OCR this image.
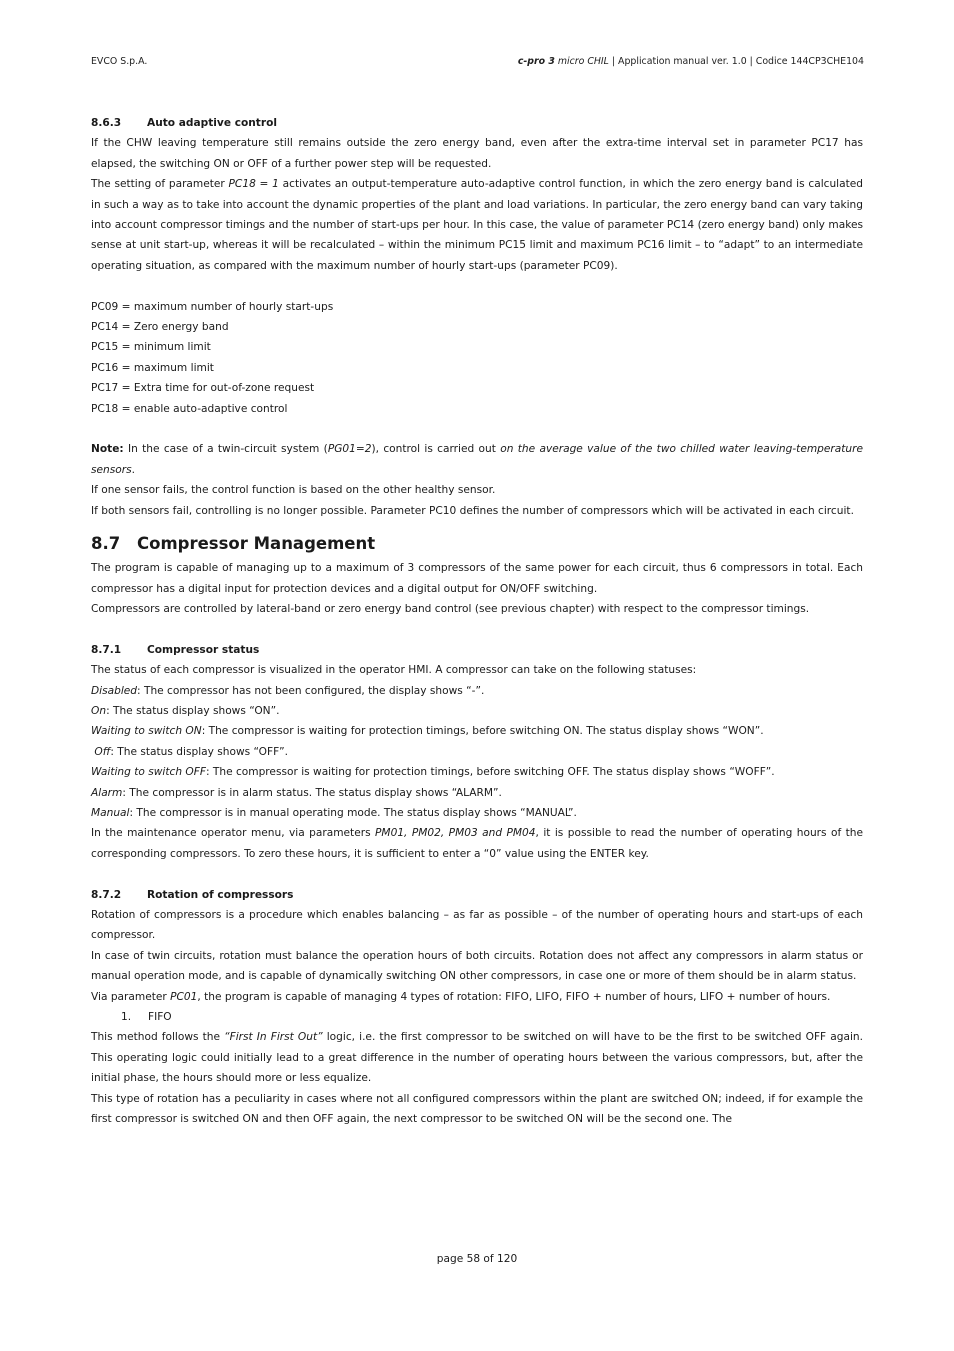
EVCO S.p.A.	c-pro 3 micro CHIL | Application manual ver. 1.0 | Codice 144CP3CHE104

8.6.3 Auto adaptive control

If the CHW leaving temperature still remains outside the zero energy band, even after the extra-time interval set in parameter PC17 has elapsed, the switching ON or OFF of a further power step will be requested.

The setting of parameter PC18 = 1 activates an output-temperature auto-adaptive control function, in which the zero energy band is calculated in such a way as to take into account the dynamic properties of the plant and load variations. In particular, the zero energy band can vary taking into account compressor timings and the number of start-ups per hour. In this case, the value of parameter PC14 (zero energy band) only makes sense at unit start-up, whereas it will be recalculated – within the minimum PC15 limit and maximum PC16 limit – to “adapt” to an intermediate operating situation, as compared with the maximum number of hourly start-ups (parameter PC09).

PC09 = maximum number of hourly start-ups

PC14 = Zero energy band

PC15 = minimum limit

PC16 = maximum limit

PC17 = Extra time for out-of-zone request

PC18 = enable auto-adaptive control

Note: In the case of a twin-circuit system (PG01=2), control is carried out on the average value of the two chilled water leaving-temperature sensors.

If one sensor fails, the control function is based on the other healthy sensor.

If both sensors fail, controlling is no longer possible. Parameter PC10 defines the number of compressors which will be activated in each circuit.

8.7 Compressor Management

The program is capable of managing up to a maximum of 3 compressors of the same power for each circuit, thus 6 compressors in total. Each compressor has a digital input for protection devices and a digital output for ON/OFF switching.

Compressors are controlled by lateral-band or zero energy band control (see previous chapter) with respect to the compressor timings.

8.7.1 Compressor status

The status of each compressor is visualized in the operator HMI. A compressor can take on the following statuses:

Disabled: The compressor has not been configured, the display shows “-”.

On: The status display shows “ON”.

Waiting to switch ON: The compressor is waiting for protection timings, before switching ON. The status display shows “WON”.

Off: The status display shows “OFF”.

Waiting to switch OFF: The compressor is waiting for protection timings, before switching OFF. The status display shows “WOFF”.

Alarm: The compressor is in alarm status. The status display shows “ALARM”.

Manual: The compressor is in manual operating mode. The status display shows “MANUAL”.

In the maintenance operator menu, via parameters PM01, PM02, PM03 and PM04, it is possible to read the number of operating hours of the corresponding compressors. To zero these hours, it is sufficient to enter a “0” value using the ENTER key.

8.7.2 Rotation of compressors

Rotation of compressors is a procedure which enables balancing – as far as possible – of the number of operating hours and start-ups of each compressor.

In case of twin circuits, rotation must balance the operation hours of both circuits. Rotation does not affect any compressors in alarm status or manual operation mode, and is capable of dynamically switching ON other compressors, in case one or more of them should be in alarm status.

Via parameter PC01, the program is capable of managing 4 types of rotation: FIFO, LIFO, FIFO + number of hours, LIFO + number of hours.

1. FIFO

This method follows the “First In First Out” logic, i.e. the first compressor to be switched on will have to be the first to be switched OFF again. This operating logic could initially lead to a great difference in the number of operating hours between the various compressors, but, after the initial phase, the hours should more or less equalize.

This type of rotation has a peculiarity in cases where not all configured compressors within the plant are switched ON; indeed, if for example the first compressor is switched ON and then OFF again, the next compressor to be switched ON will be the second one. The

page 58 of 120
